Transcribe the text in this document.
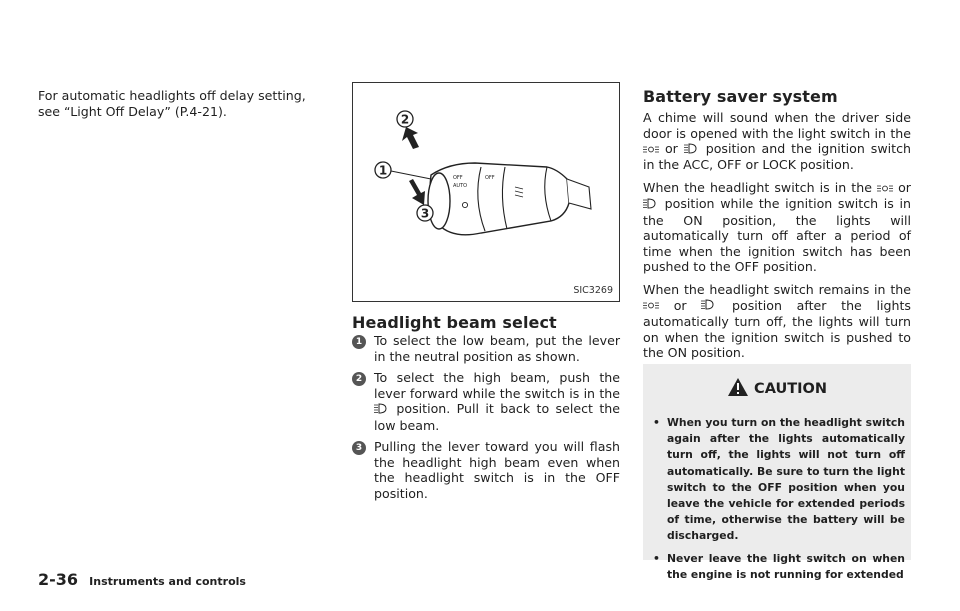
For automatic headlights off delay setting,
see “Light Off Delay” (P.4-21).
OFF
AUTO
OFF
2
1
3
SIC3269
Headlight beam select
1 To select the low beam, put the lever in the neutral position as shown.
2 To select the high beam, push the lever forward while the switch is in the  position. Pull it back to select the low beam.
3 Pulling the lever toward you will flash the headlight high beam even when the headlight switch is in the OFF position.
Battery saver system

A chime will sound when the driver side door is opened with the light switch in the  or position and the ignition switch in the ACC, OFF or LOCK position.

When the headlight switch is in the or  position while the ignition switch is in the ON position, the lights will automatically turn off after a period of time when the ignition switch has been pushed to the OFF position.

When the headlight switch remains in the  or	position after the lights automatically turn off, the lights will turn on when the ignition switch is pushed to the ON position.

CAUTION
• When you turn on the headlight switch again after the lights automatically turn off, the lights will not turn off automatically. Be sure to turn the light switch to the OFF position when you leave the vehicle for extended periods of time, otherwise the battery will be discharged.
• Never leave the light switch on when the engine is not running for extended
2-36 Instruments and controls
